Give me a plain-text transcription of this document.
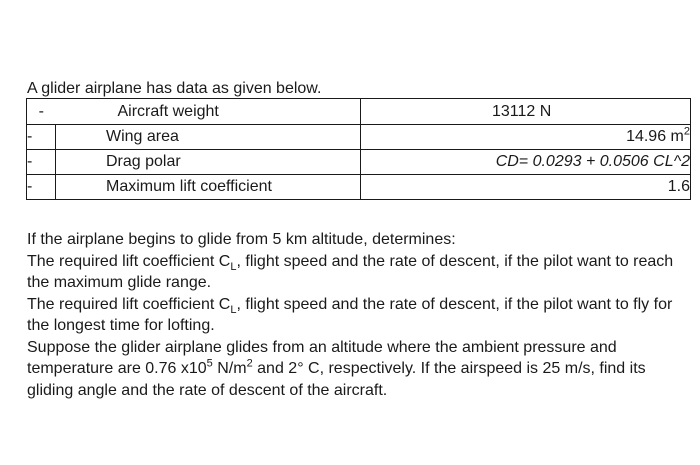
A glider airplane has data as given below.
-	Aircraft weight	13112 N
-	Wing area	14.96 $m^2$
-	Drag polar	CD= 0.0293 + 0.0506 CL^2
-	Maximum lift coefficient	1.6

If the airplane begins to glide from 5 km altitude, determines:

The required lift coefficient $C_L$, flight speed and the rate of descent, if the pilot want to reach the maximum glide range.

The required lift coefficient $C_L$, flight speed and the rate of descent, if the pilot want to fly for the longest time for lofting.

Suppose the glider airplane glides from an altitude where the ambient pressure and temperature are 0.76 $x10^5$ $N/m^2$ and 2° C, respectively. If the airspeed is 25 m/s, find its gliding angle and the rate of descent of the aircraft.
